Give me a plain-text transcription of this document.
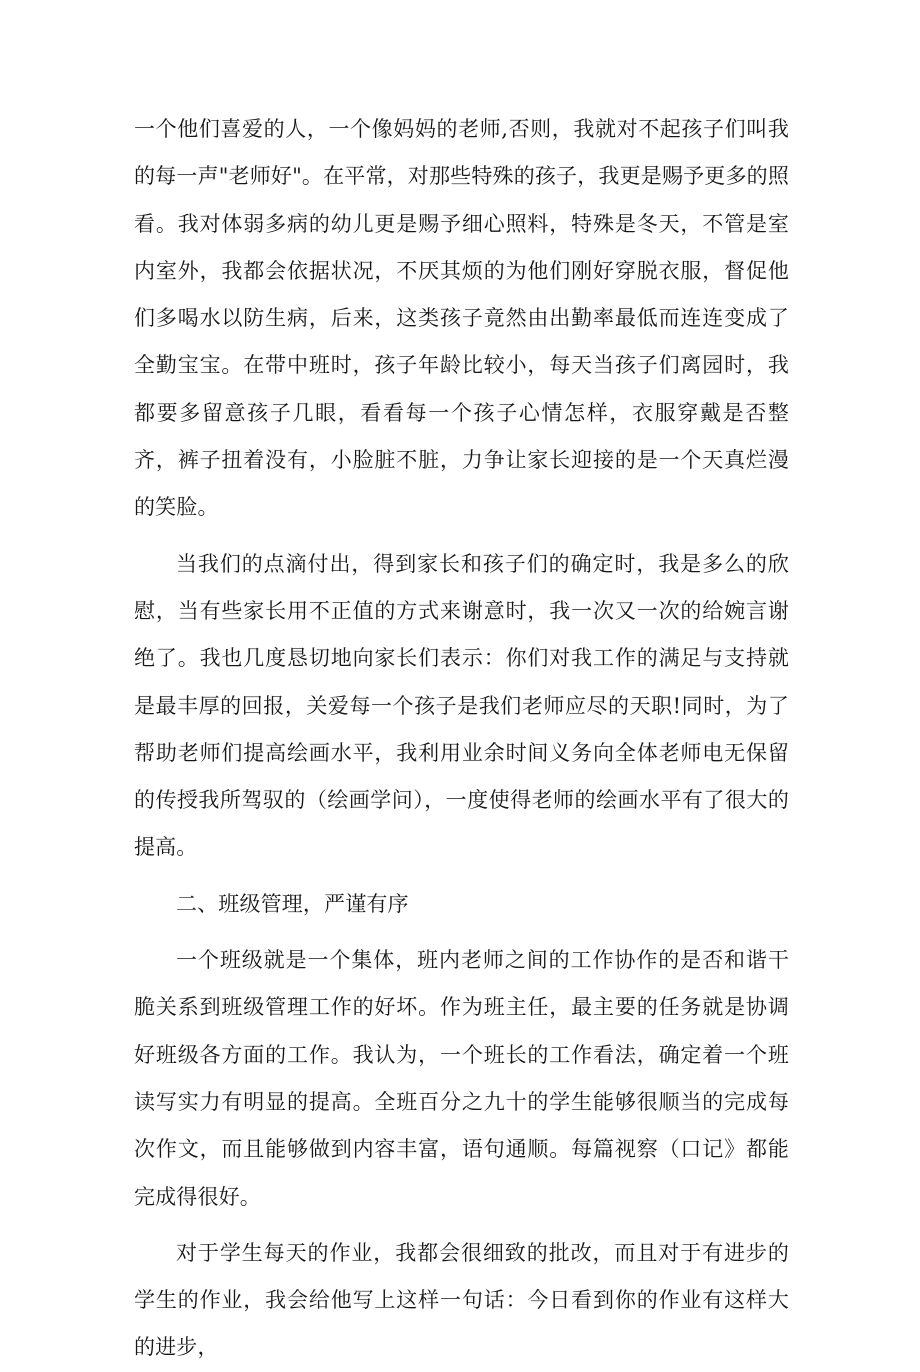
一个他们喜爱的人，一个像妈妈的老师,否则，我就对不起孩子们叫我的每一声"老师好"。在平常，对那些特殊的孩子，我更是赐予更多的照看。我对体弱多病的幼儿更是赐予细心照料，特殊是冬天，不管是室内室外，我都会依据状况，不厌其烦的为他们刚好穿脱衣服，督促他们多喝水以防生病，后来，这类孩子竟然由出勤率最低而连连变成了全勤宝宝。在带中班时，孩子年龄比较小，每天当孩子们离园时，我都要多留意孩子几眼，看看每一个孩子心情怎样，衣服穿戴是否整齐，裤子扭着没有，小脸脏不脏，力争让家长迎接的是一个天真烂漫的笑脸。

当我们的点滴付出，得到家长和孩子们的确定时，我是多么的欣慰，当有些家长用不正值的方式来谢意时，我一次又一次的给婉言谢绝了。我也几度恳切地向家长们表示：你们对我工作的满足与支持就是最丰厚的回报，关爱每一个孩子是我们老师应尽的天职!同时，为了帮助老师们提高绘画水平，我利用业余时间义务向全体老师电无保留的传授我所驾驭的（绘画学问），一度使得老师的绘画水平有了很大的提高。

二、班级管理，严谨有序

一个班级就是一个集体，班内老师之间的工作协作的是否和谐干脆关系到班级管理工作的好坏。作为班主任，最主要的任务就是协调好班级各方面的工作。我认为，一个班长的工作看法，确定着一个班读写实力有明显的提高。全班百分之九十的学生能够很顺当的完成每次作文，而且能够做到内容丰富，语句通顺。每篇视察（口记》都能完成得很好。

对于学生每天的作业，我都会很细致的批改，而且对于有进步的学生的作业，我会给他写上这样一句话：今日看到你的作业有这样大的进步，
